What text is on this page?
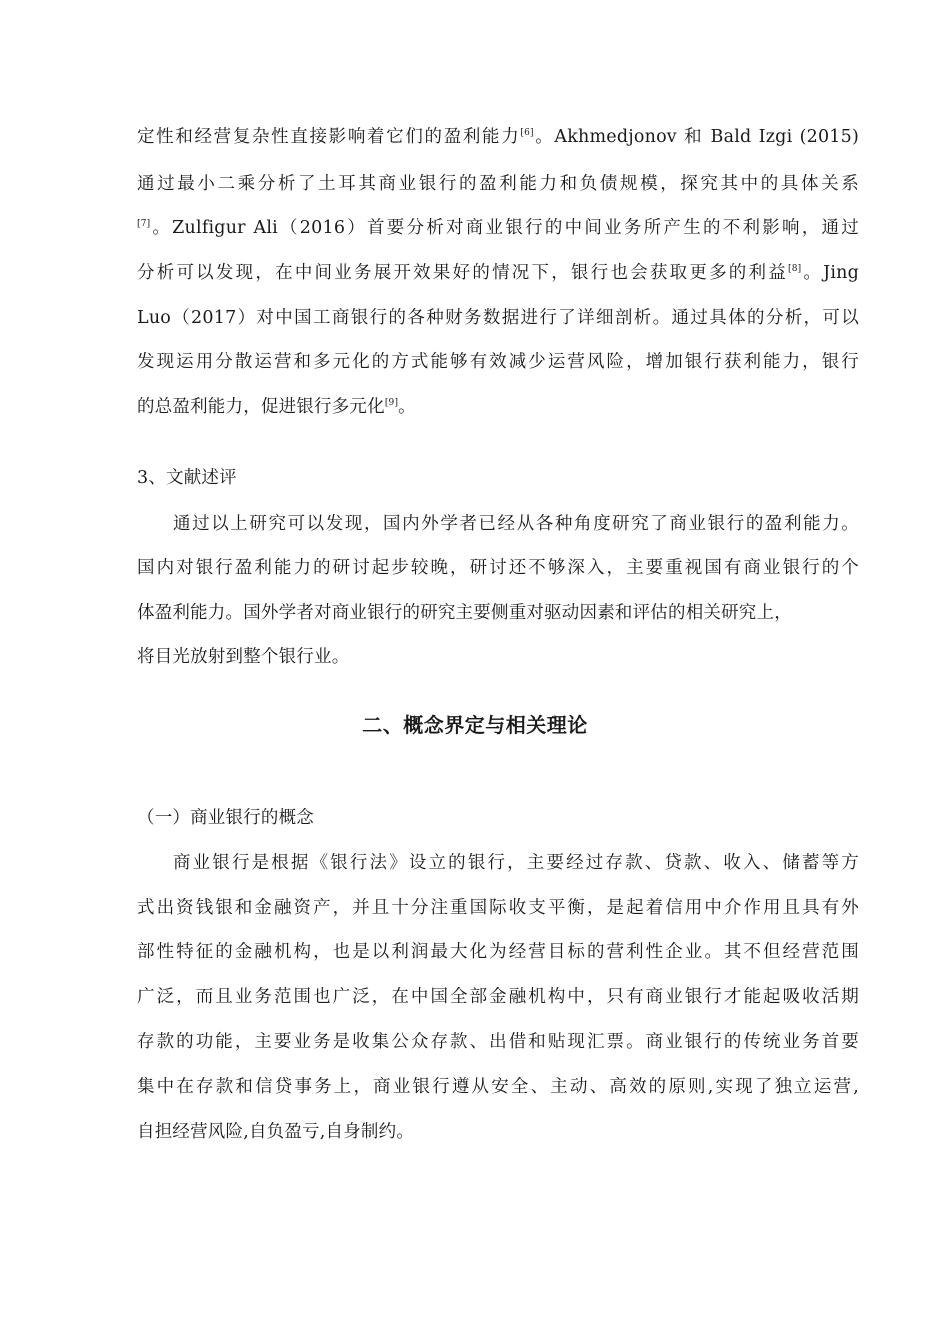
定性和经营复杂性直接影响着它们的盈利能力[6]。Akhmedjonov 和 Bald Izgi (2015)
通过最小二乘分析了土耳其商业银行的盈利能力和负债规模，探究其中的具体关系
[7]。Zulfigur Ali（2016）首要分析对商业银行的中间业务所产生的不利影响，通过
分析可以发现，在中间业务展开效果好的情况下，银行也会获取更多的利益[8]。Jing
Luo（2017）对中国工商银行的各种财务数据进行了详细剖析。通过具体的分析，可以
发现运用分散运营和多元化的方式能够有效减少运营风险，增加银行获利能力，银行
的总盈利能力，促进银行多元化[9]。
3、文献述评
通过以上研究可以发现，国内外学者已经从各种角度研究了商业银行的盈利能力。
国内对银行盈利能力的研讨起步较晚，研讨还不够深入，主要重视国有商业银行的个
体盈利能力。国外学者对商业银行的研究主要侧重对驱动因素和评估的相关研究上，
将目光放射到整个银行业。
二、概念界定与相关理论
（一）商业银行的概念
商业银行是根据《银行法》设立的银行，主要经过存款、贷款、收入、储蓄等方
式出资钱银和金融资产，并且十分注重国际收支平衡，是起着信用中介作用且具有外
部性特征的金融机构，也是以利润最大化为经营目标的营利性企业。其不但经营范围
广泛，而且业务范围也广泛，在中国全部金融机构中，只有商业银行才能起吸收活期
存款的功能，主要业务是收集公众存款、出借和贴现汇票。商业银行的传统业务首要
集中在存款和信贷事务上，商业银行遵从安全、主动、高效的原则,实现了独立运营,
自担经营风险,自负盈亏,自身制约。
